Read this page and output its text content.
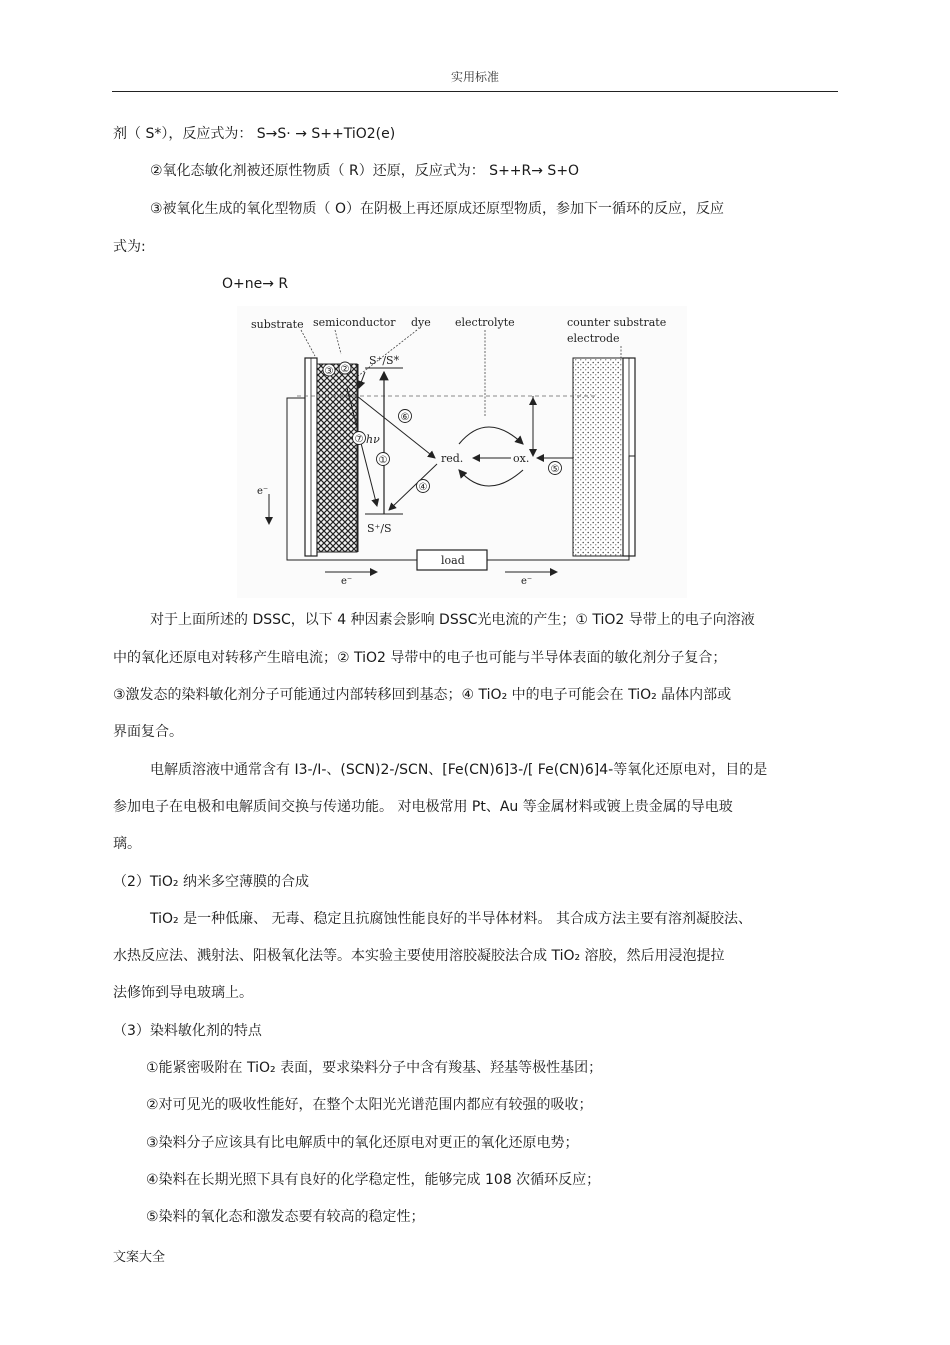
实用标准
剂（ S*），反应式为： S→S· → S++TiO2(e)
②氧化态敏化剂被还原性物质（ R）还原，反应式为： S++R→ S+O
③被氧化生成的氧化型物质（ O）在阴极上再还原成还原型物质，参加下一循环的反应，反应
式为:
O+ne→ R
substrate semiconductor dye electrolyte	counter substrate
electrode
③ ②
S⁺/S*
S⁺/S
hν
①
⑦
⑥
④
red.	ox.
⑤
load
e⁻
e⁻	e⁻
对于上面所述的 DSSC，以下 4 种因素会影响 DSSC光电流的产生；① TiO2 导带上的电子向溶液
中的氧化还原电对转移产生暗电流；② TiO2 导带中的电子也可能与半导体表面的敏化剂分子复合；
③激发态的染料敏化剂分子可能通过内部转移回到基态；④ TiO₂ 中的电子可能会在 TiO₂ 晶体内部或
界面复合。
电解质溶液中通常含有 I3-/I-、(SCN)2-/SCN、[Fe(CN)6]3-/[ Fe(CN)6]4-等氧化还原电对，目的是
参加电子在电极和电解质间交换与传递功能。 对电极常用 Pt、Au 等金属材料或镀上贵金属的导电玻
璃。
（2）TiO₂ 纳米多空薄膜的合成
TiO₂ 是一种低廉、 无毒、稳定且抗腐蚀性能良好的半导体材料。 其合成方法主要有溶剂凝胶法、
水热反应法、溅射法、阳极氧化法等。本实验主要使用溶胶凝胶法合成 TiO₂ 溶胶，然后用浸泡提拉
法修饰到导电玻璃上。
（3）染料敏化剂的特点
①能紧密吸附在 TiO₂ 表面，要求染料分子中含有羧基、羟基等极性基团；
②对可见光的吸收性能好，在整个太阳光光谱范围内都应有较强的吸收；
③染料分子应该具有比电解质中的氧化还原电对更正的氧化还原电势；
④染料在长期光照下具有良好的化学稳定性，能够完成 108 次循环反应；
⑤染料的氧化态和激发态要有较高的稳定性；
文案大全
